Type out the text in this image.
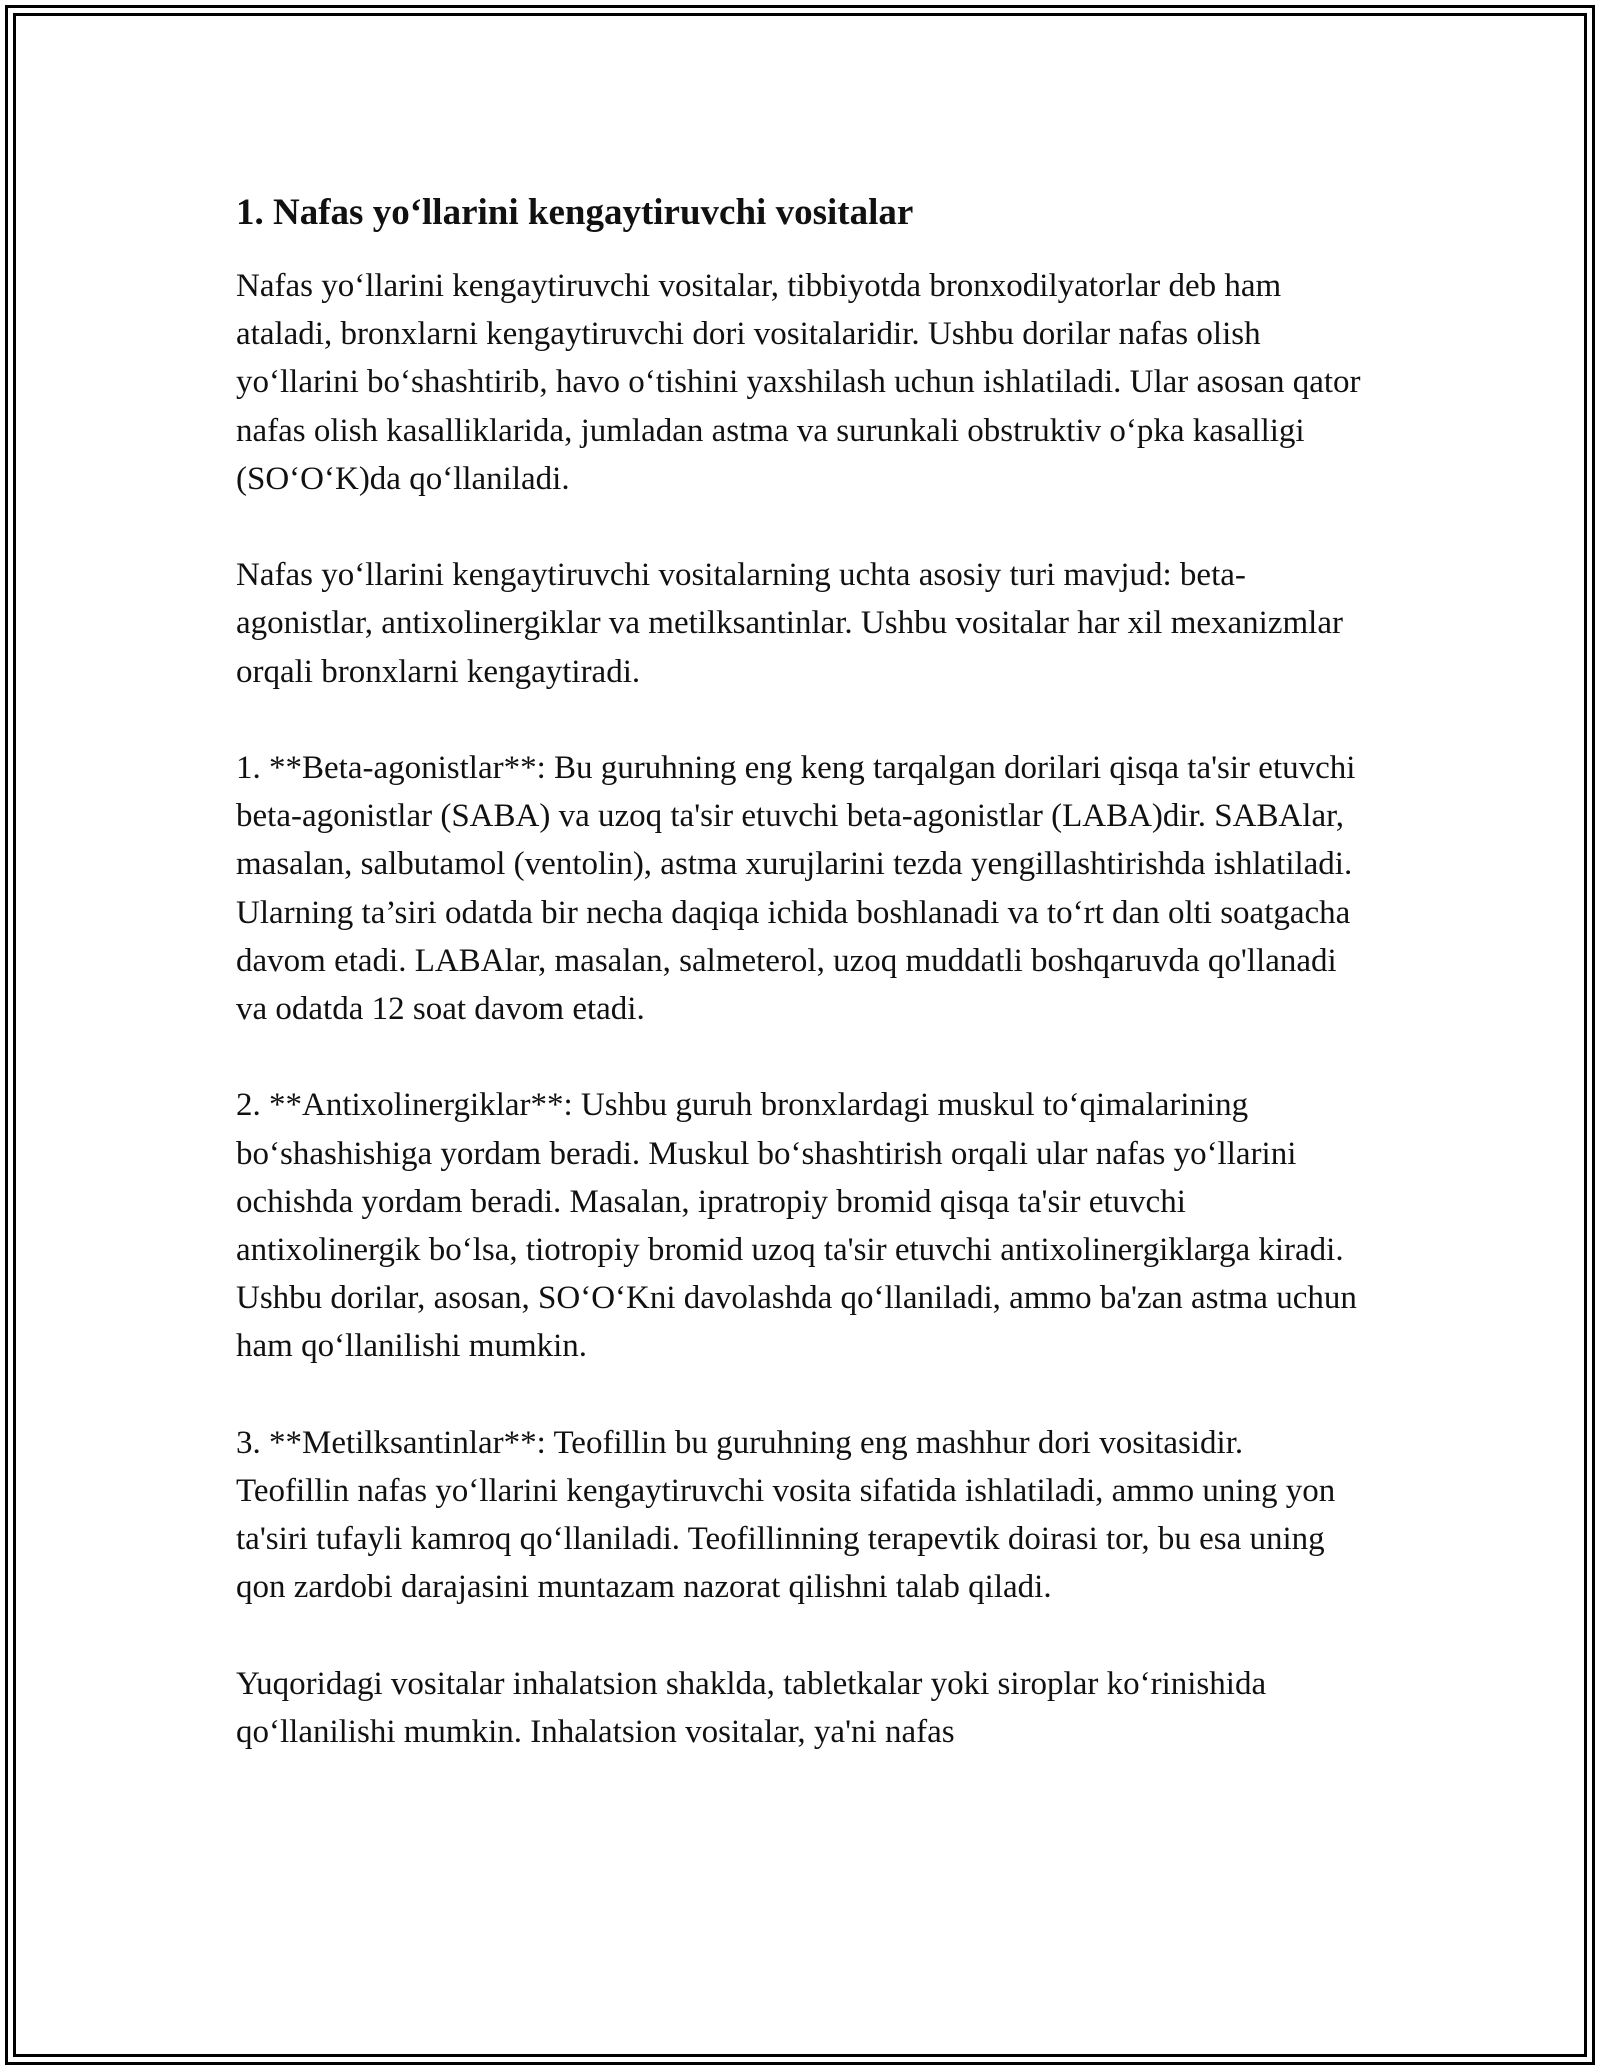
1. Nafas yo‘llarini kengaytiruvchi vositalar

Nafas yo‘llarini kengaytiruvchi vositalar, tibbiyotda bronxodilyatorlar deb ham ataladi, bronxlarni kengaytiruvchi dori vositalaridir. Ushbu dorilar nafas olish yo‘llarini bo‘shashtirib, havo o‘tishini yaxshilash uchun ishlatiladi. Ular asosan qator nafas olish kasalliklarida, jumladan astma va surunkali obstruktiv o‘pka kasalligi (SO‘O‘K)da qo‘llaniladi.

Nafas yo‘llarini kengaytiruvchi vositalarning uchta asosiy turi mavjud: beta-agonistlar, antixolinergiklar va metilksantinlar. Ushbu vositalar har xil mexanizmlar orqali bronxlarni kengaytiradi.

1. **Beta-agonistlar**: Bu guruhning eng keng tarqalgan dorilari qisqa ta'sir etuvchi beta-agonistlar (SABA) va uzoq ta'sir etuvchi beta-agonistlar (LABA)dir. SABAlar, masalan, salbutamol (ventolin), astma xurujlarini tezda yengillashtirishda ishlatiladi. Ularning ta’siri odatda bir necha daqiqa ichida boshlanadi va to‘rt dan olti soatgacha davom etadi. LABAlar, masalan, salmeterol, uzoq muddatli boshqaruvda qo'llanadi va odatda 12 soat davom etadi.

2. **Antixolinergiklar**: Ushbu guruh bronxlardagi muskul to‘qimalarining bo‘shashishiga yordam beradi. Muskul bo‘shashtirish orqali ular nafas yo‘llarini ochishda yordam beradi. Masalan, ipratropiy bromid qisqa ta'sir etuvchi antixolinergik bo‘lsa, tiotropiy bromid uzoq ta'sir etuvchi antixolinergiklarga kiradi. Ushbu dorilar, asosan, SO‘O‘Kni davolashda qo‘llaniladi, ammo ba'zan astma uchun ham qo‘llanilishi mumkin.

3. **Metilksantinlar**: Teofillin bu guruhning eng mashhur dori vositasidir. Teofillin nafas yo‘llarini kengaytiruvchi vosita sifatida ishlatiladi, ammo uning yon ta'siri tufayli kamroq qo‘llaniladi. Teofillinning terapevtik doirasi tor, bu esa uning qon zardobi darajasini muntazam nazorat qilishni talab qiladi.

Yuqoridagi vositalar inhalatsion shaklda, tabletkalar yoki siroplar ko‘rinishida qo‘llanilishi mumkin. Inhalatsion vositalar, ya'ni nafas
